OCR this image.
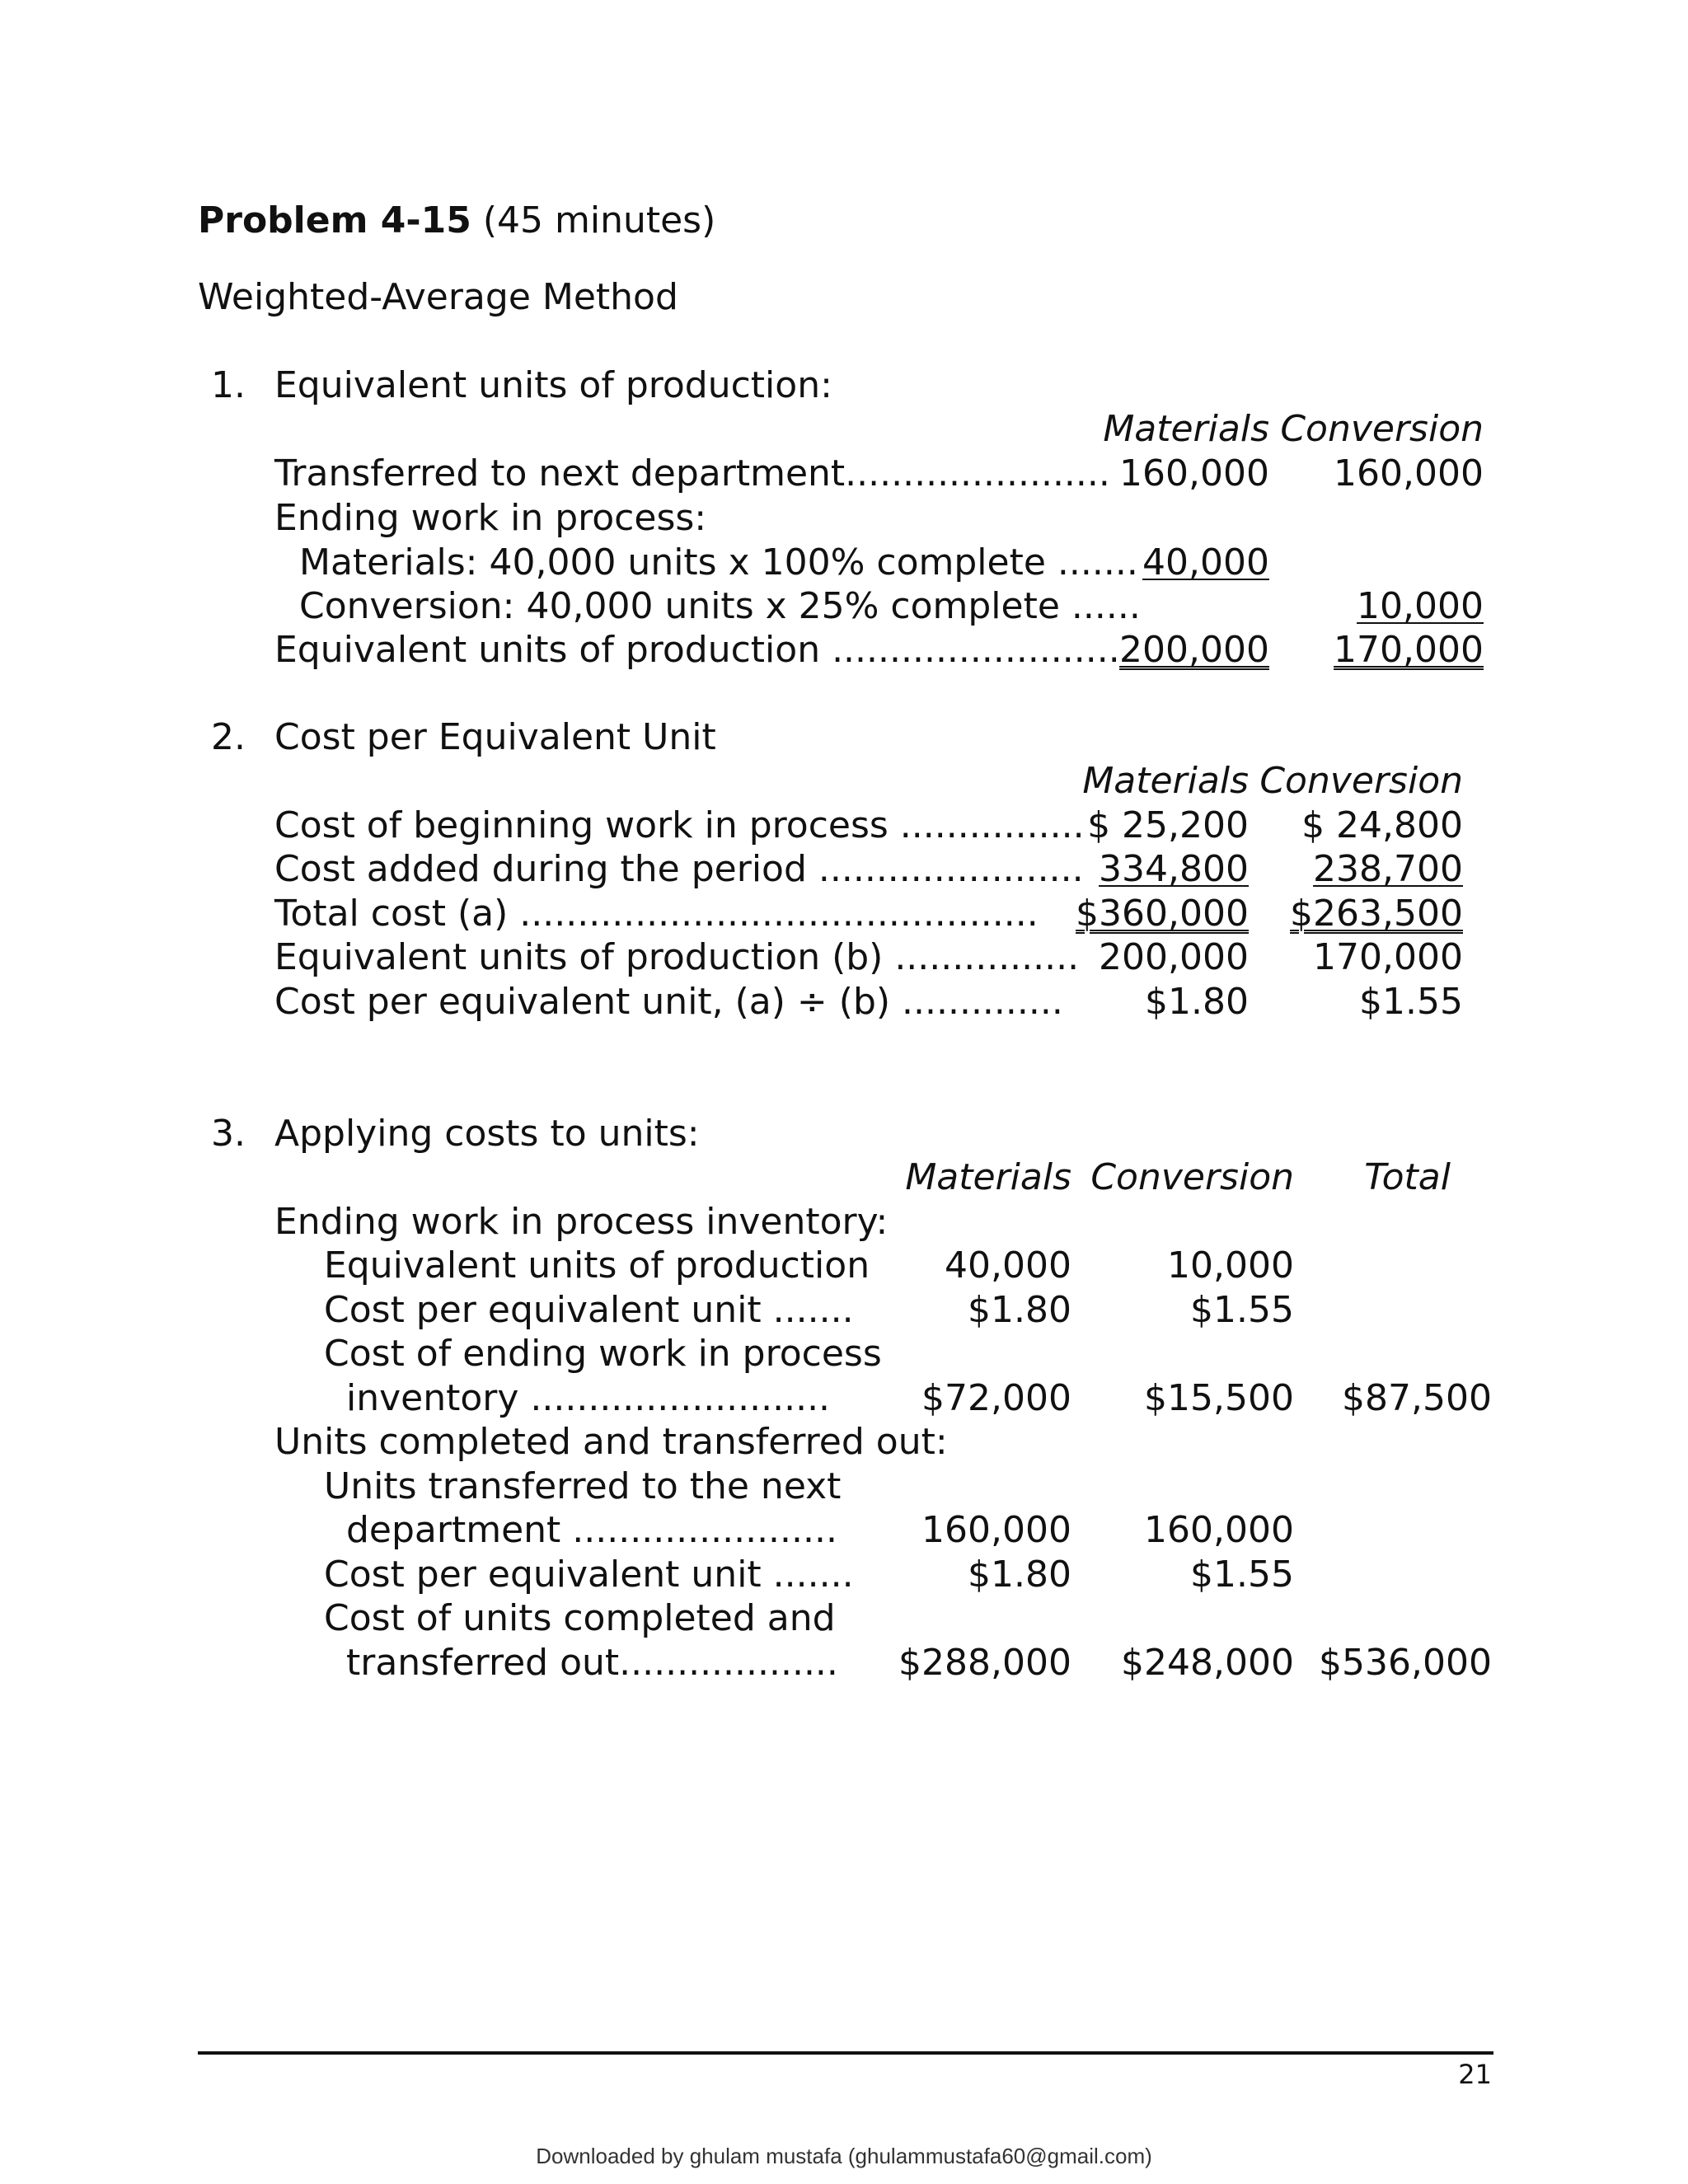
Problem 4-15 (45 minutes)
Weighted-Average Method
1. Equivalent units of production:
Materials Conversion
Transferred to next department....................... 160,000	160,000
Ending work in process:
Materials: 40,000 units x 100% complete ....... 40,000
Conversion: 40,000 units x 25% complete ......	10,000
Equivalent units of production ......................... 200,000	170,000
2. Cost per Equivalent Unit
Materials Conversion
Cost of beginning work in process ................ $ 25,200	$ 24,800
Cost added during the period ....................... 334,800	238,700
Total cost (a) .............................................	$360,000	$263,500
Equivalent units of production (b) ................ 200,000	170,000
Cost per equivalent unit, (a) ÷ (b) ..............	$1.80	$1.55
3. Applying costs to units:
Materials Conversion	Total
Ending work in process inventory:
Equivalent units of production	40,000	10,000
Cost per equivalent unit .......	$1.80	$1.55
Cost of ending work in process
inventory ..........................	$72,000	$15,500	$87,500
Units completed and transferred out:
Units transferred to the next
department .......................	160,000	160,000
Cost per equivalent unit .......	$1.80	$1.55
Cost of units completed and
transferred out...................	$288,000	$248,000 $536,000
21
Downloaded by ghulam mustafa (ghulammustafa60@gmail.com)
